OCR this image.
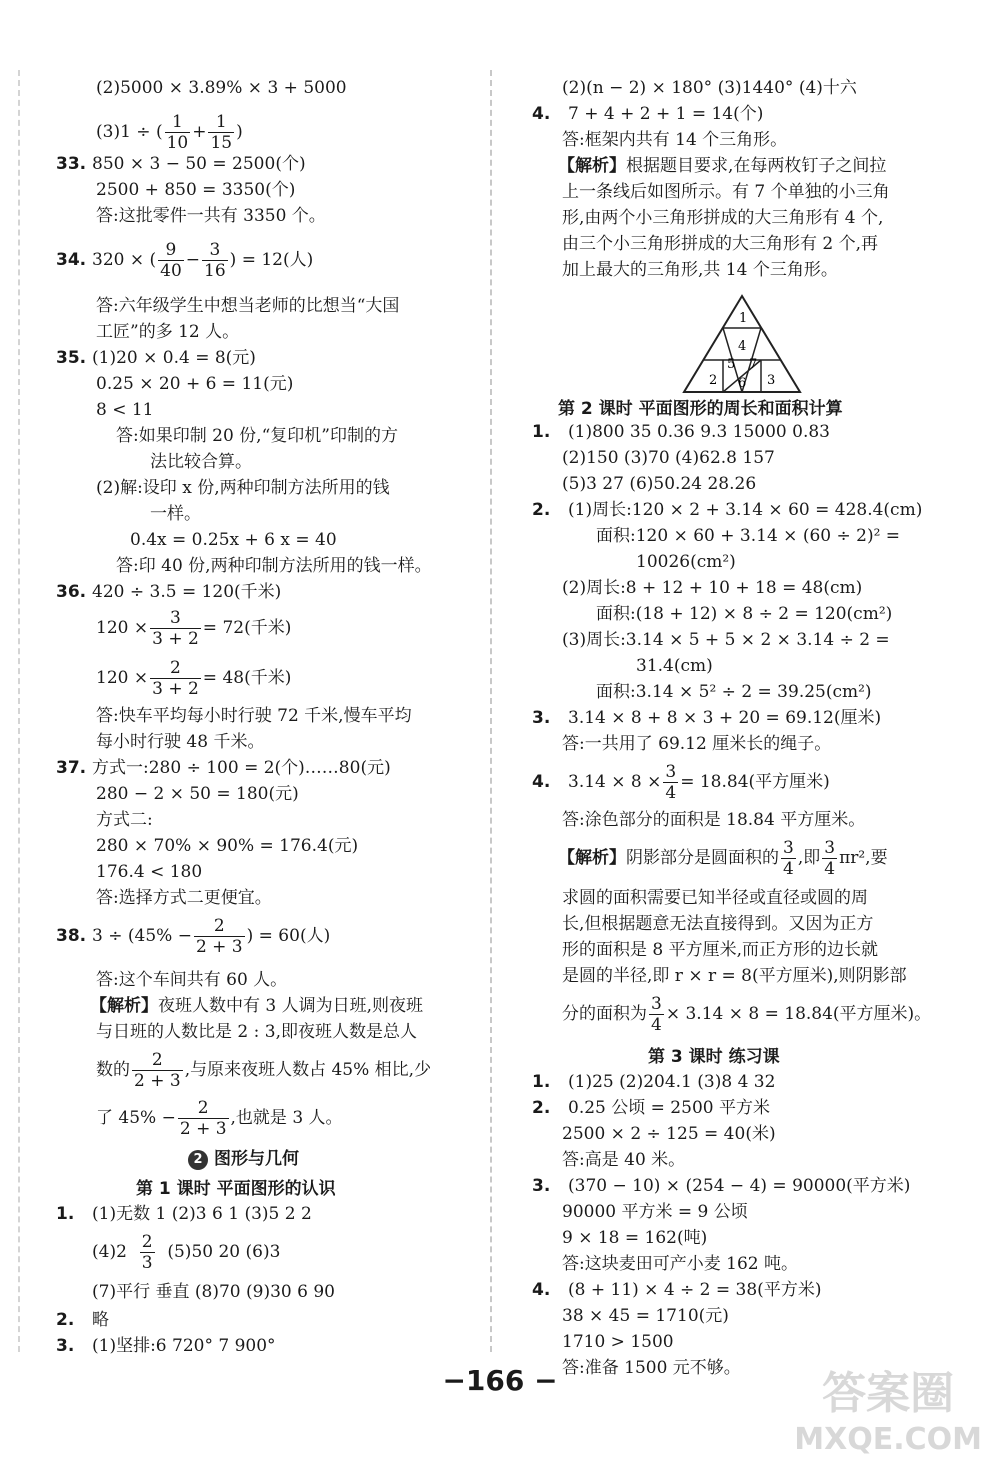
(2)5000 × 3.89% × 3 + 5000
(3)1 ÷ ( $\frac{1}{10} + \frac{1}{15}$ )
33. 850 × 3 − 50 = 2500(个)
2500 + 850 = 3350(个)
答:这批零件一共有 3350 个。
34. 320 × ( $\frac{9}{40} - \frac{3}{16}$ ) = 12(人)
答:六年级学生中想当老师的比想当“大国
工匠”的多 12 人。
35. (1)20 × 0.4 = 8(元)
0.25 × 20 + 6 = 11(元)
8 < 11
答:如果印制 20 份,“复印机”印制的方
法比较合算。
(2)解:设印 x 份,两种印制方法所用的钱
一样。
0.4x = 0.25x + 6 x = 40
答:印 40 份,两种印制方法所用的钱一样。
36. 420 ÷ 3.5 = 120(千米)
$120 \times \frac{3}{3 + 2} = 72$(千米)
$120 \times \frac{2}{3 + 2} = 48$(千米)
答:快车平均每小时行驶 72 千米,慢车平均
每小时行驶 48 千米。
37. 方式一:280 ÷ 100 = 2(个)……80(元)
280 − 2 × 50 = 180(元)
方式二:
280 × 70% × 90% = 176.4(元)
176.4 < 180
答:选择方式二更便宜。
38. $3 \div (45\% - \frac{2}{2 + 3}$ ) = 60(人)
答:这个车间共有 60 人。
【解析】夜班人数中有 3 人调为日班,则夜班
与日班的人数比是 2 : 3,即夜班人数是总人
数的 $\frac{2}{2 + 3}$ ,与原来夜班人数占 45% 相比,少
了 $45\% - \frac{2}{2 + 3}$ ,也就是 3 人。
2 图形与几何
第 1 课时 平面图形的认识
1. (1)无数 1 (2)3 6 1 (3)5 2 2
$(4)2 \frac{2}{3} (5)50$ 20 (6)3
(7)平行 垂直 (8)70 (9)30 6 90
2. 略
3. (1)坚排:6 720° 7 900°
(2)(n − 2) × 180° (3)1440° (4)十六
4. 7 + 4 + 2 + 1 = 14(个)
答:框架内共有 14 个三角形。
【解析】根据题目要求,在每两枚钉子之间拉
上一条线后如图所示。有 7 个单独的小三角
形,由两个小三角形拼成的大三角形有 4 个,
由三个小三角形拼成的大三角形有 2 个,再
加上最大的三角形,共 14 个三角形。
1
4
5 7
2 6 3
第 2 课时 平面图形的周长和面积计算
1. (1)800 35 0.36 9.3 15000 0.83
(2)150 (3)70 (4)62.8 157
(5)3 27 (6)50.24 28.26
2. (1)周长:120 × 2 + 3.14 × 60 = 428.4(cm)
面积:120 × 60 + 3.14 × (60 ÷ 2)² =
10026(cm²)
(2)周长:8 + 12 + 10 + 18 = 48(cm)
面积:(18 + 12) × 8 ÷ 2 = 120(cm²)
(3)周长:3.14 × 5 + 5 × 2 × 3.14 ÷ 2 =
31.4(cm)
面积:3.14 × 5² ÷ 2 = 39.25(cm²)
3. 3.14 × 8 + 8 × 3 + 20 = 69.12(厘米)
答:一共用了 69.12 厘米长的绳子。
4. $3.14 \times 8 \times \frac{3}{4} = 18.84$(平方厘米)
答:涂色部分的面积是 18.84 平方厘米。
【解析】阴影部分是圆面积的 $\frac{3}{4}$ ,即 $\frac{3}{4} \pi r^2$,要
求圆的面积需要已知半径或直径或圆的周
长,但根据题意无法直接得到。又因为正方
形的面积是 8 平方厘米,而正方形的边长就
是圆的半径,即 r × r = 8(平方厘米),则阴影部
分的面积为 $\frac{3}{4} \times 3.14 \times 8 = 18.84$(平方厘米)。
第 3 课时 练习课
1. (1)25 (2)204.1 (3)8 4 32
2. 0.25 公顷 = 2500 平方米
2500 × 2 ÷ 125 = 40(米)
答:高是 40 米。
3. (370 − 10) × (254 − 4) = 90000(平方米)
90000 平方米 = 9 公顷
9 × 18 = 162(吨)
答:这块麦田可产小麦 162 吨。
4. (8 + 11) × 4 ÷ 2 = 38(平方米)
38 × 45 = 1710(元)
1710 > 1500
答:准备 1500 元不够。
−166 −	答案圈
MXQE.COM
